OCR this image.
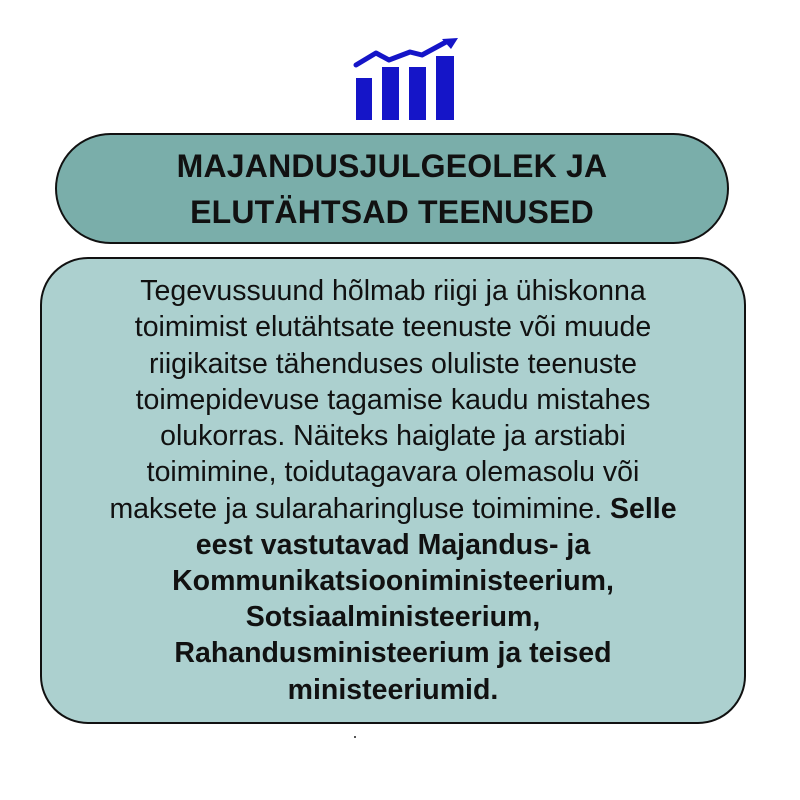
MAJANDUSJULGEOLEK JA
ELUTÄHTSAD TEENUSED
Tegevussuund hõlmab riigi ja ühiskonna
toimimist elutähtsate teenuste või muude
riigikaitse tähenduses oluliste teenuste
toimepidevuse tagamise kaudu mistahes
olukorras. Näiteks haiglate ja arstiabi
toimimine, toidutagavara olemasolu või
maksete ja sularaharingluse toimimine. Selle
eest vastutavad Majandus- ja
Kommunikatsiooniministeerium,
Sotsiaalministeerium,
Rahandusministeerium ja teised
ministeeriumid.
